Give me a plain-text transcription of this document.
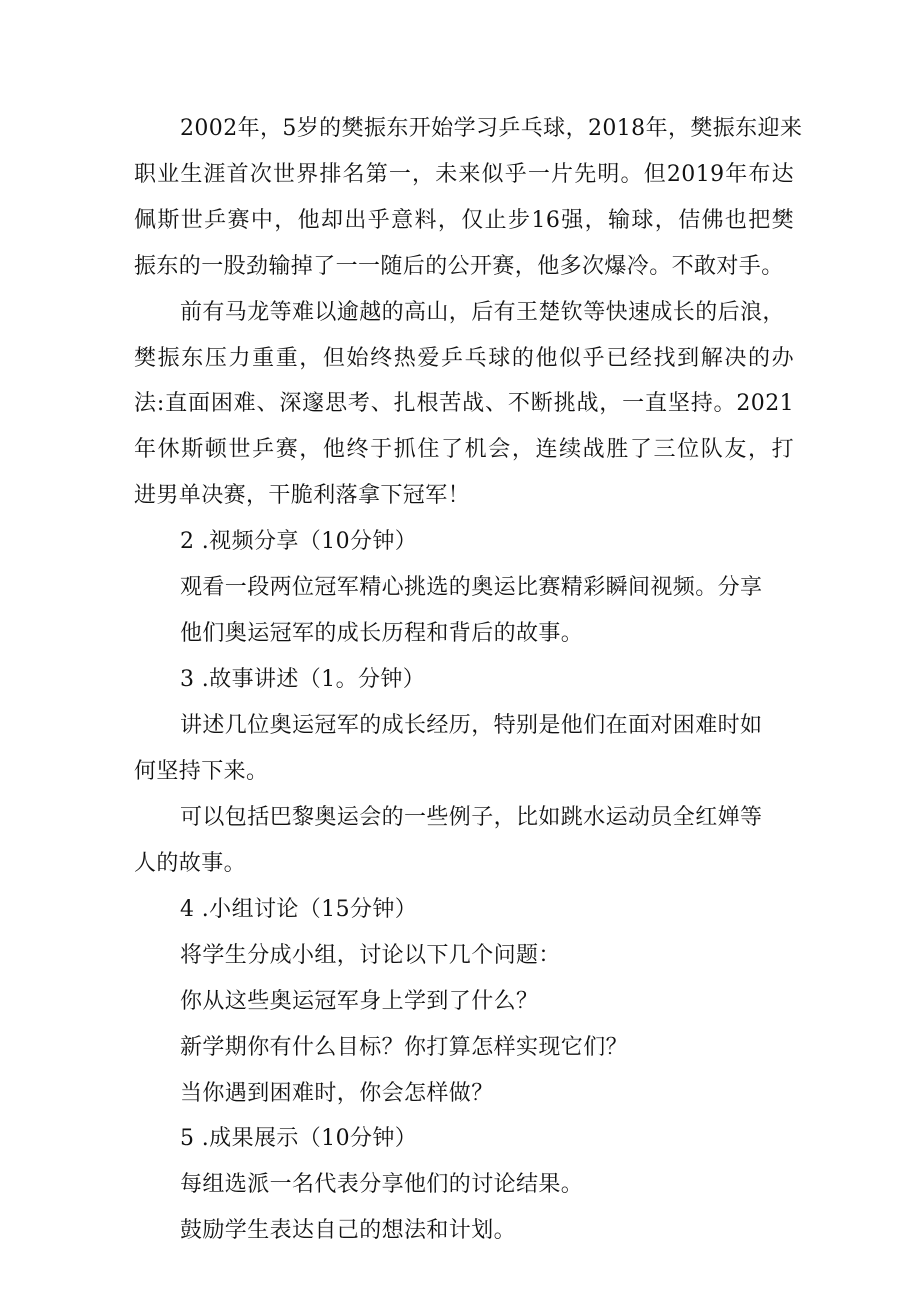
2002年，5岁的樊振东开始学习乒乓球，2018年，樊振东迎来
职业生涯首次世界排名第一，未来似乎一片先明。但2019年布达
佩斯世乒赛中，他却出乎意料，仅止步16强，输球，佶佛也把樊
振东的一股劲输掉了一一随后的公开赛，他多次爆冷。不敢对手。
前有马龙等难以逾越的高山，后有王楚钦等快速成长的后浪，
樊振东压力重重，但始终热爱乒乓球的他似乎已经找到解决的办
法:直面困难、深邃思考、扎根苦战、不断挑战，一直坚持。2021
年休斯顿世乒赛，他终于抓住了机会，连续战胜了三位队友，打
进男单决赛，干脆利落拿下冠军！
2 .视频分享（10分钟）
观看一段两位冠军精心挑选的奥运比赛精彩瞬间视频。分享
他们奥运冠军的成长历程和背后的故事。
3 .故事讲述（1。分钟）
讲述几位奥运冠军的成长经历，特别是他们在面对困难时如
何坚持下来。
可以包括巴黎奥运会的一些例子，比如跳水运动员全红婵等
人的故事。
4 .小组讨论（15分钟）
将学生分成小组，讨论以下几个问题：
你从这些奥运冠军身上学到了什么？
新学期你有什么目标？你打算怎样实现它们？
当你遇到困难时，你会怎样做？
5 .成果展示（10分钟）
每组选派一名代表分享他们的讨论结果。
鼓励学生表达自己的想法和计划。
